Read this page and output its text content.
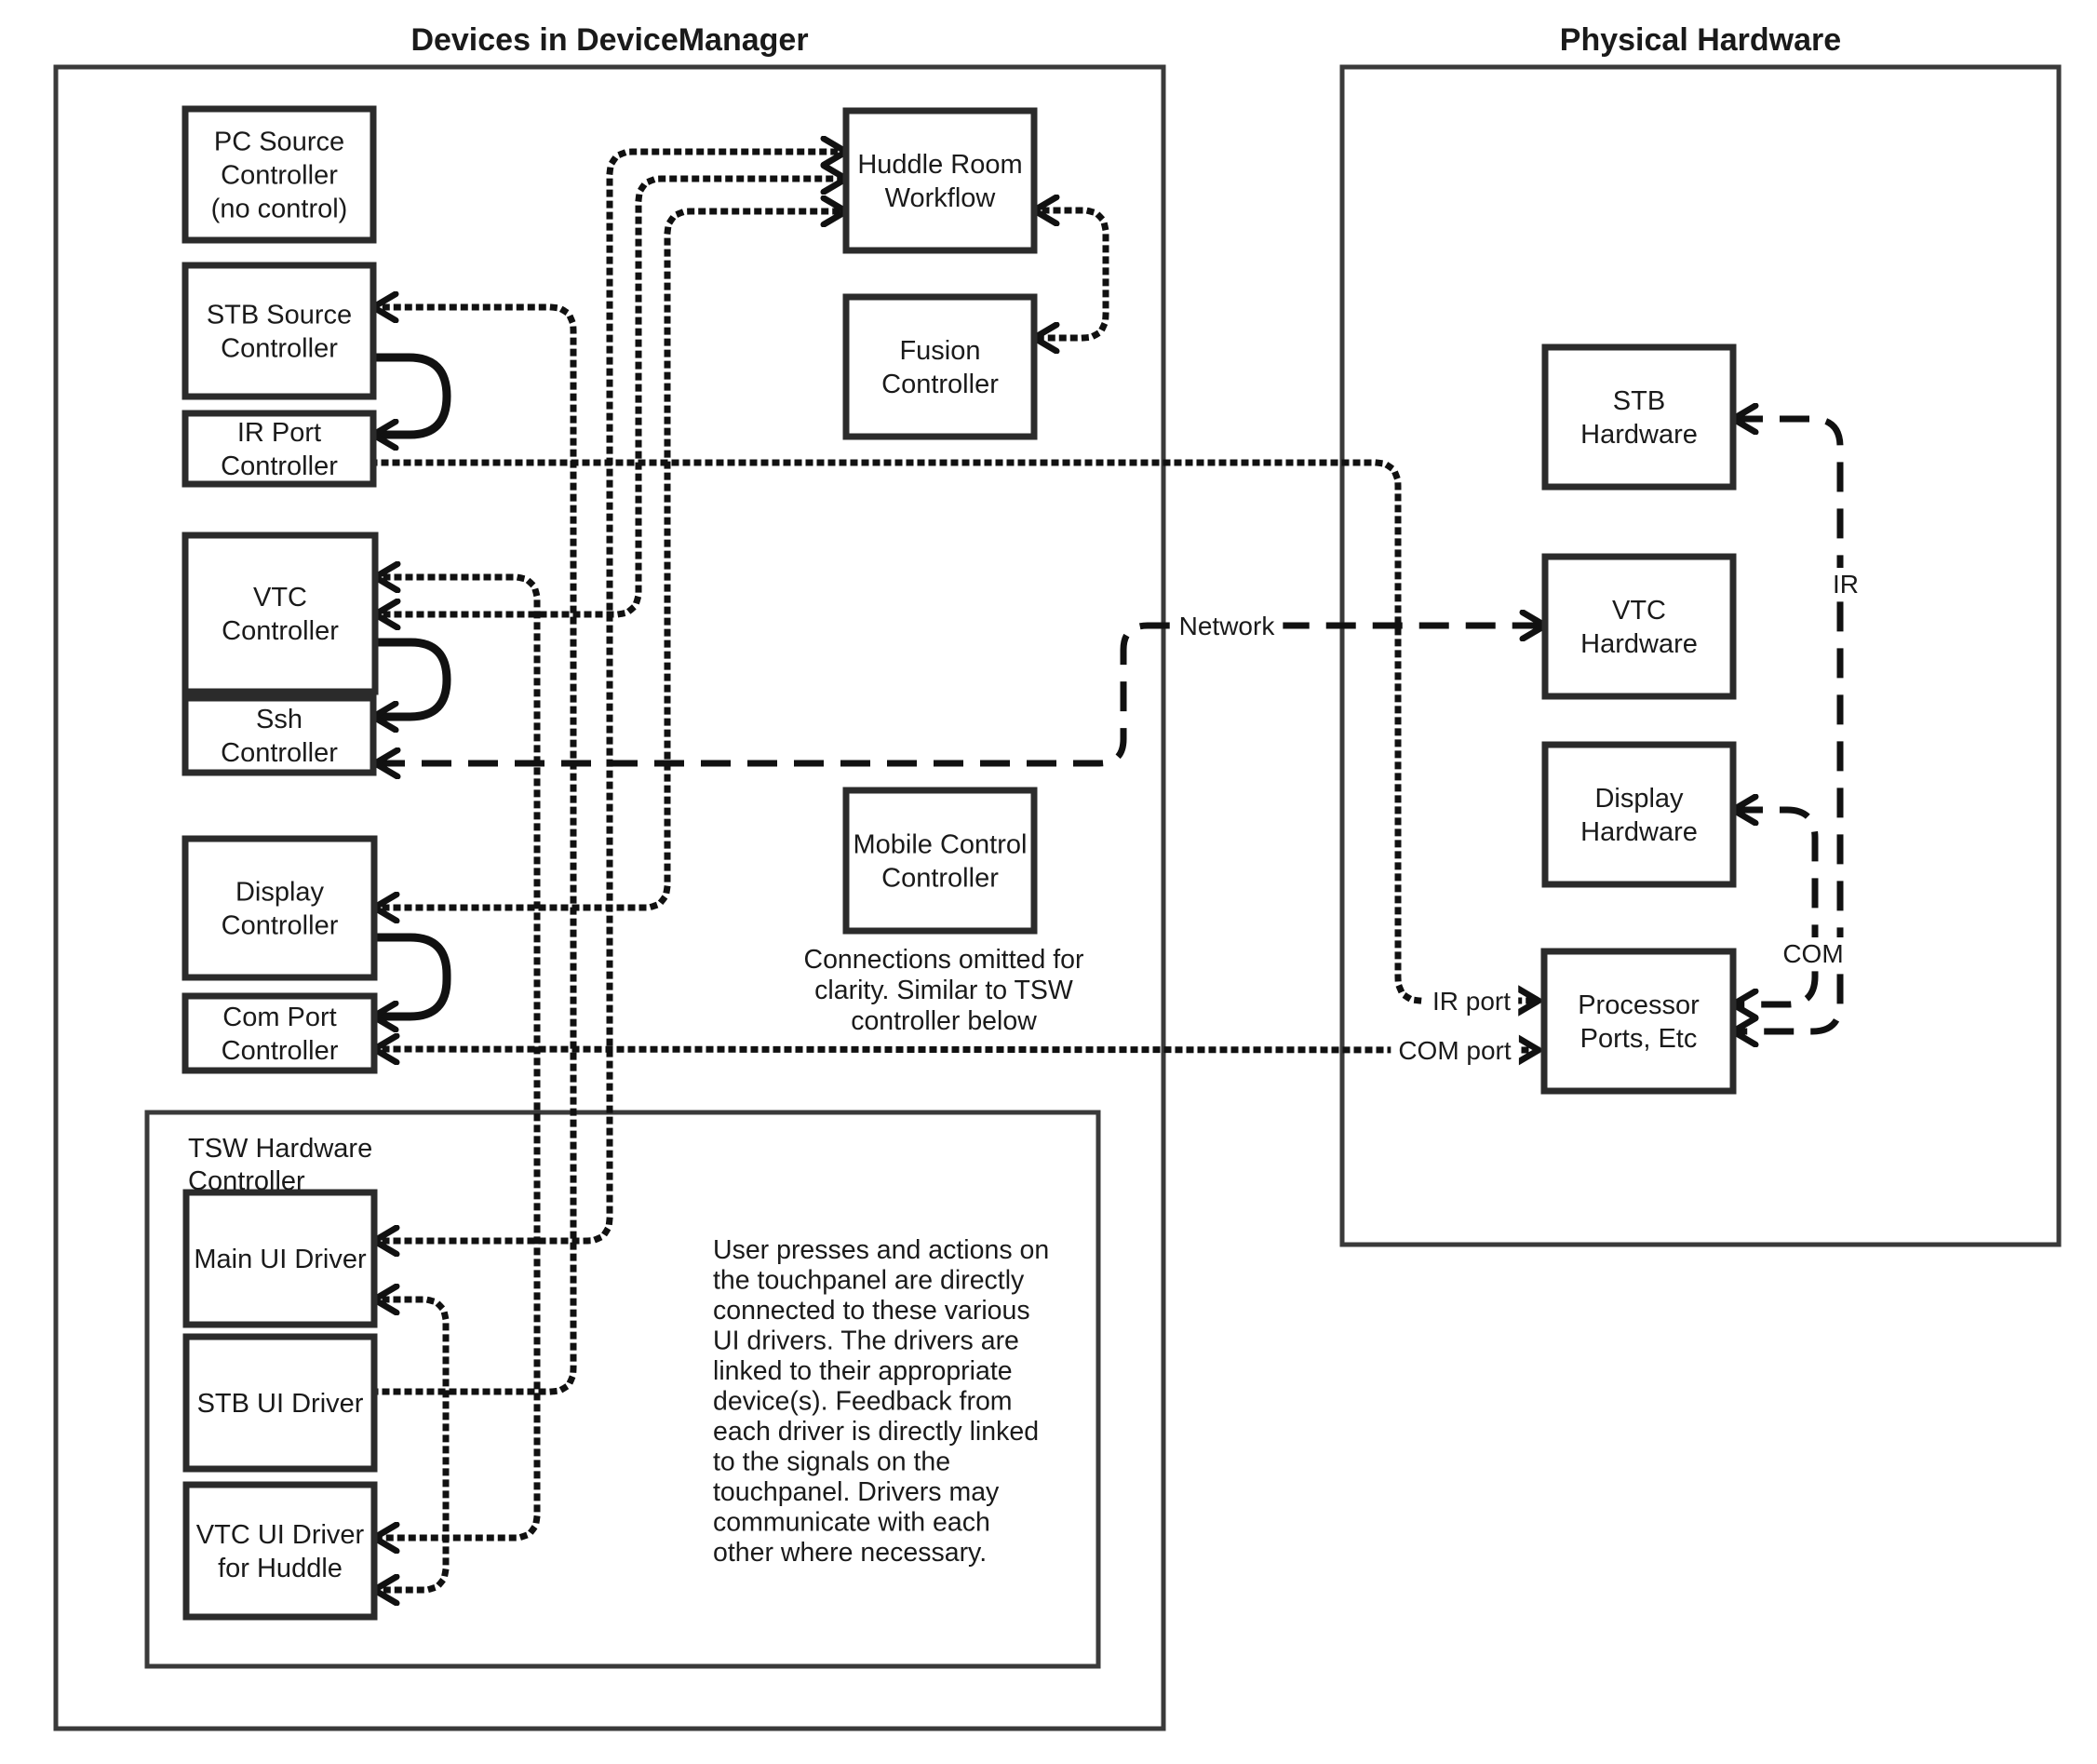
PC Source Controller (no control)
STB Source Controller
IR Port Controller
VTC Controller
Ssh Controller
Display Controller
Com Port Controller
Main UI Driver
STB UI Driver
VTC UI Driver for Huddle
Huddle Room Workflow
Fusion Controller
Mobile Control Controller
STB Hardware
VTC Hardware
Display Hardware
Processor Ports, Etc
TSW Hardware Controller
Network
IR
COM
IR port
COM port
User presses and actions on the touchpanel are directly connected to these various UI drivers. The drivers are linked to their appropriate device(s). Feedback from each driver is directly linked to the signals on the touchpanel. Drivers may communicate with each other where necessary.
Connections omitted for clarity. Similar to TSW controller below
Devices in DeviceManager	Physical Hardware
